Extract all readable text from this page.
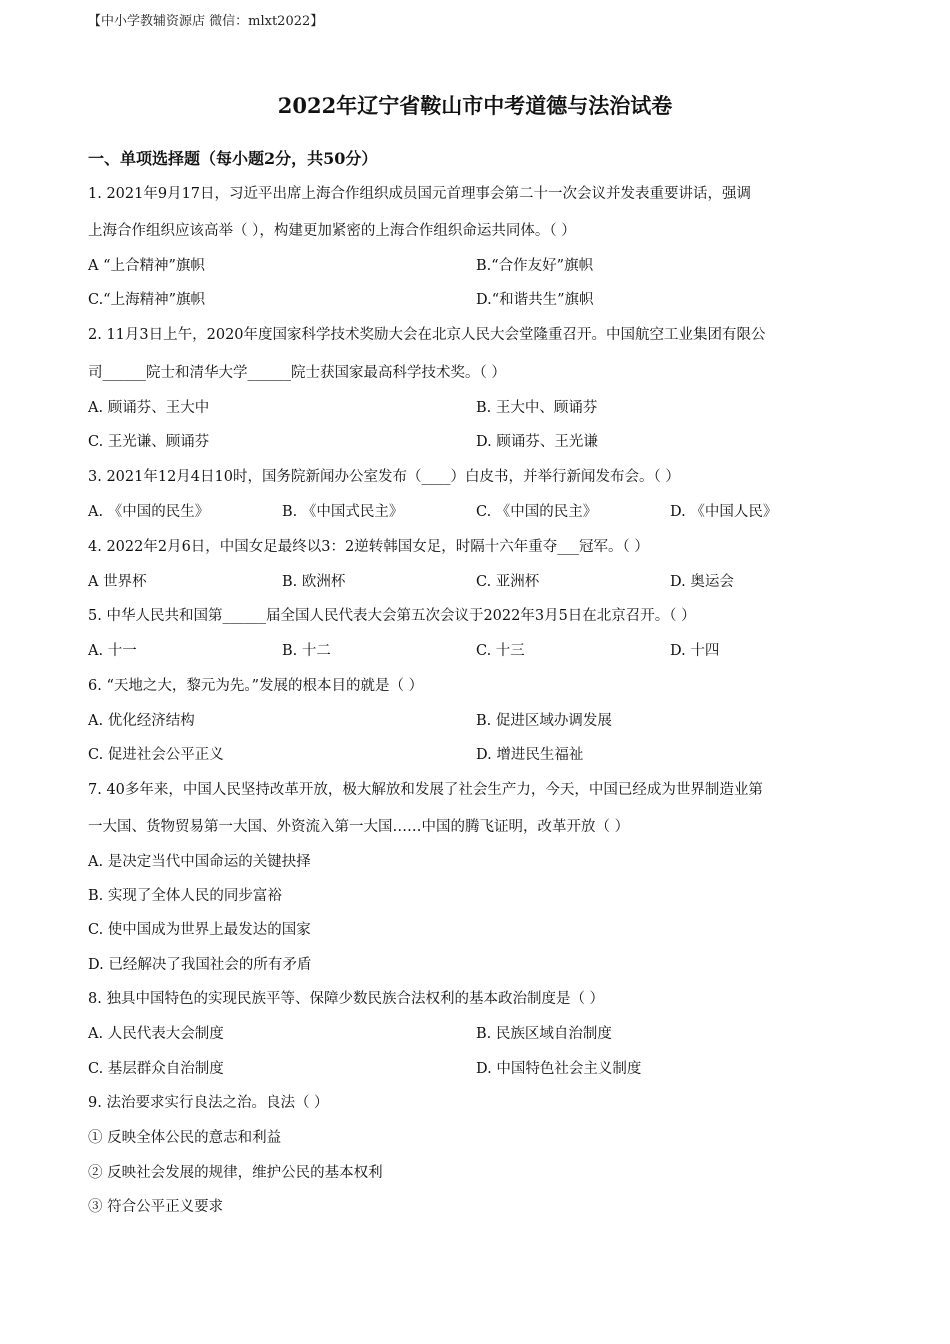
【中小学教辅资源店 微信：mlxt2022】
2022年辽宁省鞍山市中考道德与法治试卷
一、单项选择题（每小题2分，共50分）
1. 2021年9月17日，习近平出席上海合作组织成员国元首理事会第二十一次会议并发表重要讲话，强调
上海合作组织应该高举（ ），构建更加紧密的上海合作组织命运共同体。（ ）
A “上合精神”旗帜	B.“合作友好”旗帜
C.“上海精神”旗帜	D.“和谐共生”旗帜
2. 11月3日上午，2020年度国家科学技术奖励大会在北京人民大会堂隆重召开。中国航空工业集团有限公
司______院士和清华大学______院士获国家最高科学技术奖。（ ）
A. 顾诵芬、王大中	B. 王大中、顾诵芬
C. 王光谦、顾诵芬	D. 顾诵芬、王光谦
3. 2021年12月4日10时，国务院新闻办公室发布（____）白皮书，并举行新闻发布会。（ ）
A. 《中国的民生》	B. 《中国式民主》	C. 《中国的民主》	D. 《中国人民》
4. 2022年2月6日，中国女足最终以3：2逆转韩国女足，时隔十六年重夺___冠军。（ ）
A 世界杯	B. 欧洲杯	C. 亚洲杯	D. 奥运会
5. 中华人民共和国第______届全国人民代表大会第五次会议于2022年3月5日在北京召开。（ ）
A. 十一	B. 十二	C. 十三	D. 十四
6. “天地之大，黎元为先。”发展的根本目的就是（ ）
A. 优化经济结构	B. 促进区域办调发展
C. 促进社会公平正义	D. 增进民生福祉
7. 40多年来，中国人民坚持改革开放，极大解放和发展了社会生产力，今天，中国已经成为世界制造业第
一大国、货物贸易第一大国、外资流入第一大国……中国的腾飞证明，改革开放（ ）
A. 是决定当代中国命运的关键抉择
B. 实现了全体人民的同步富裕
C. 使中国成为世界上最发达的国家
D. 已经解决了我国社会的所有矛盾
8. 独具中国特色的实现民族平等、保障少数民族合法权利的基本政治制度是（ ）
A. 人民代表大会制度	B. 民族区域自治制度
C. 基层群众自治制度	D. 中国特色社会主义制度
9. 法治要求实行良法之治。良法（ ）
① 反映全体公民的意志和利益
② 反映社会发展的规律，维护公民的基本权利
③ 符合公平正义要求
